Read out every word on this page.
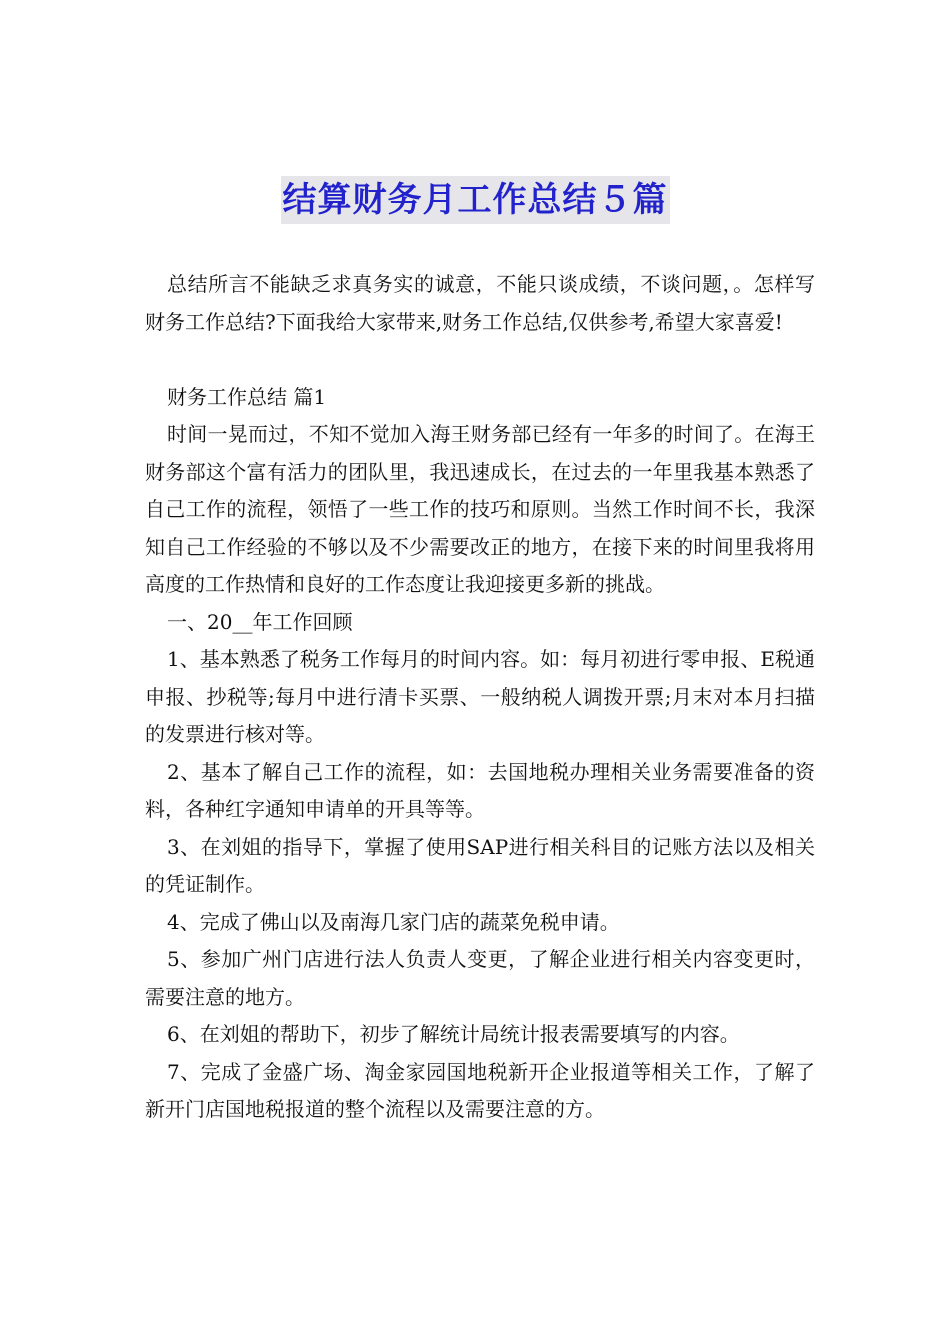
结算财务月工作总结５篇

总结所言不能缺乏求真务实的诚意，不能只谈成绩，不谈问题，。怎样写财务工作总结?下面我给大家带来,财务工作总结,仅供参考,希望大家喜爱!

财务工作总结 篇1

时间一晃而过，不知不觉加入海王财务部已经有一年多的时间了。在海王财务部这个富有活力的团队里，我迅速成长，在过去的一年里我基本熟悉了自己工作的流程，领悟了一些工作的技巧和原则。当然工作时间不长，我深知自己工作经验的不够以及不少需要改正的地方，在接下来的时间里我将用高度的工作热情和良好的工作态度让我迎接更多新的挑战。

一、20__年工作回顾

1、基本熟悉了税务工作每月的时间内容。如：每月初进行零申报、E税通申报、抄税等;每月中进行清卡买票、一般纳税人调拨开票;月末对本月扫描的发票进行核对等。

2、基本了解自己工作的流程，如：去国地税办理相关业务需要准备的资料，各种红字通知申请单的开具等等。

3、在刘姐的指导下，掌握了使用SAP进行相关科目的记账方法以及相关的凭证制作。

4、完成了佛山以及南海几家门店的蔬菜免税申请。

5、参加广州门店进行法人负责人变更，了解企业进行相关内容变更时，需要注意的地方。

6、在刘姐的帮助下，初步了解统计局统计报表需要填写的内容。

7、完成了金盛广场、淘金家园国地税新开企业报道等相关工作，了解了新开门店国地税报道的整个流程以及需要注意的方。
